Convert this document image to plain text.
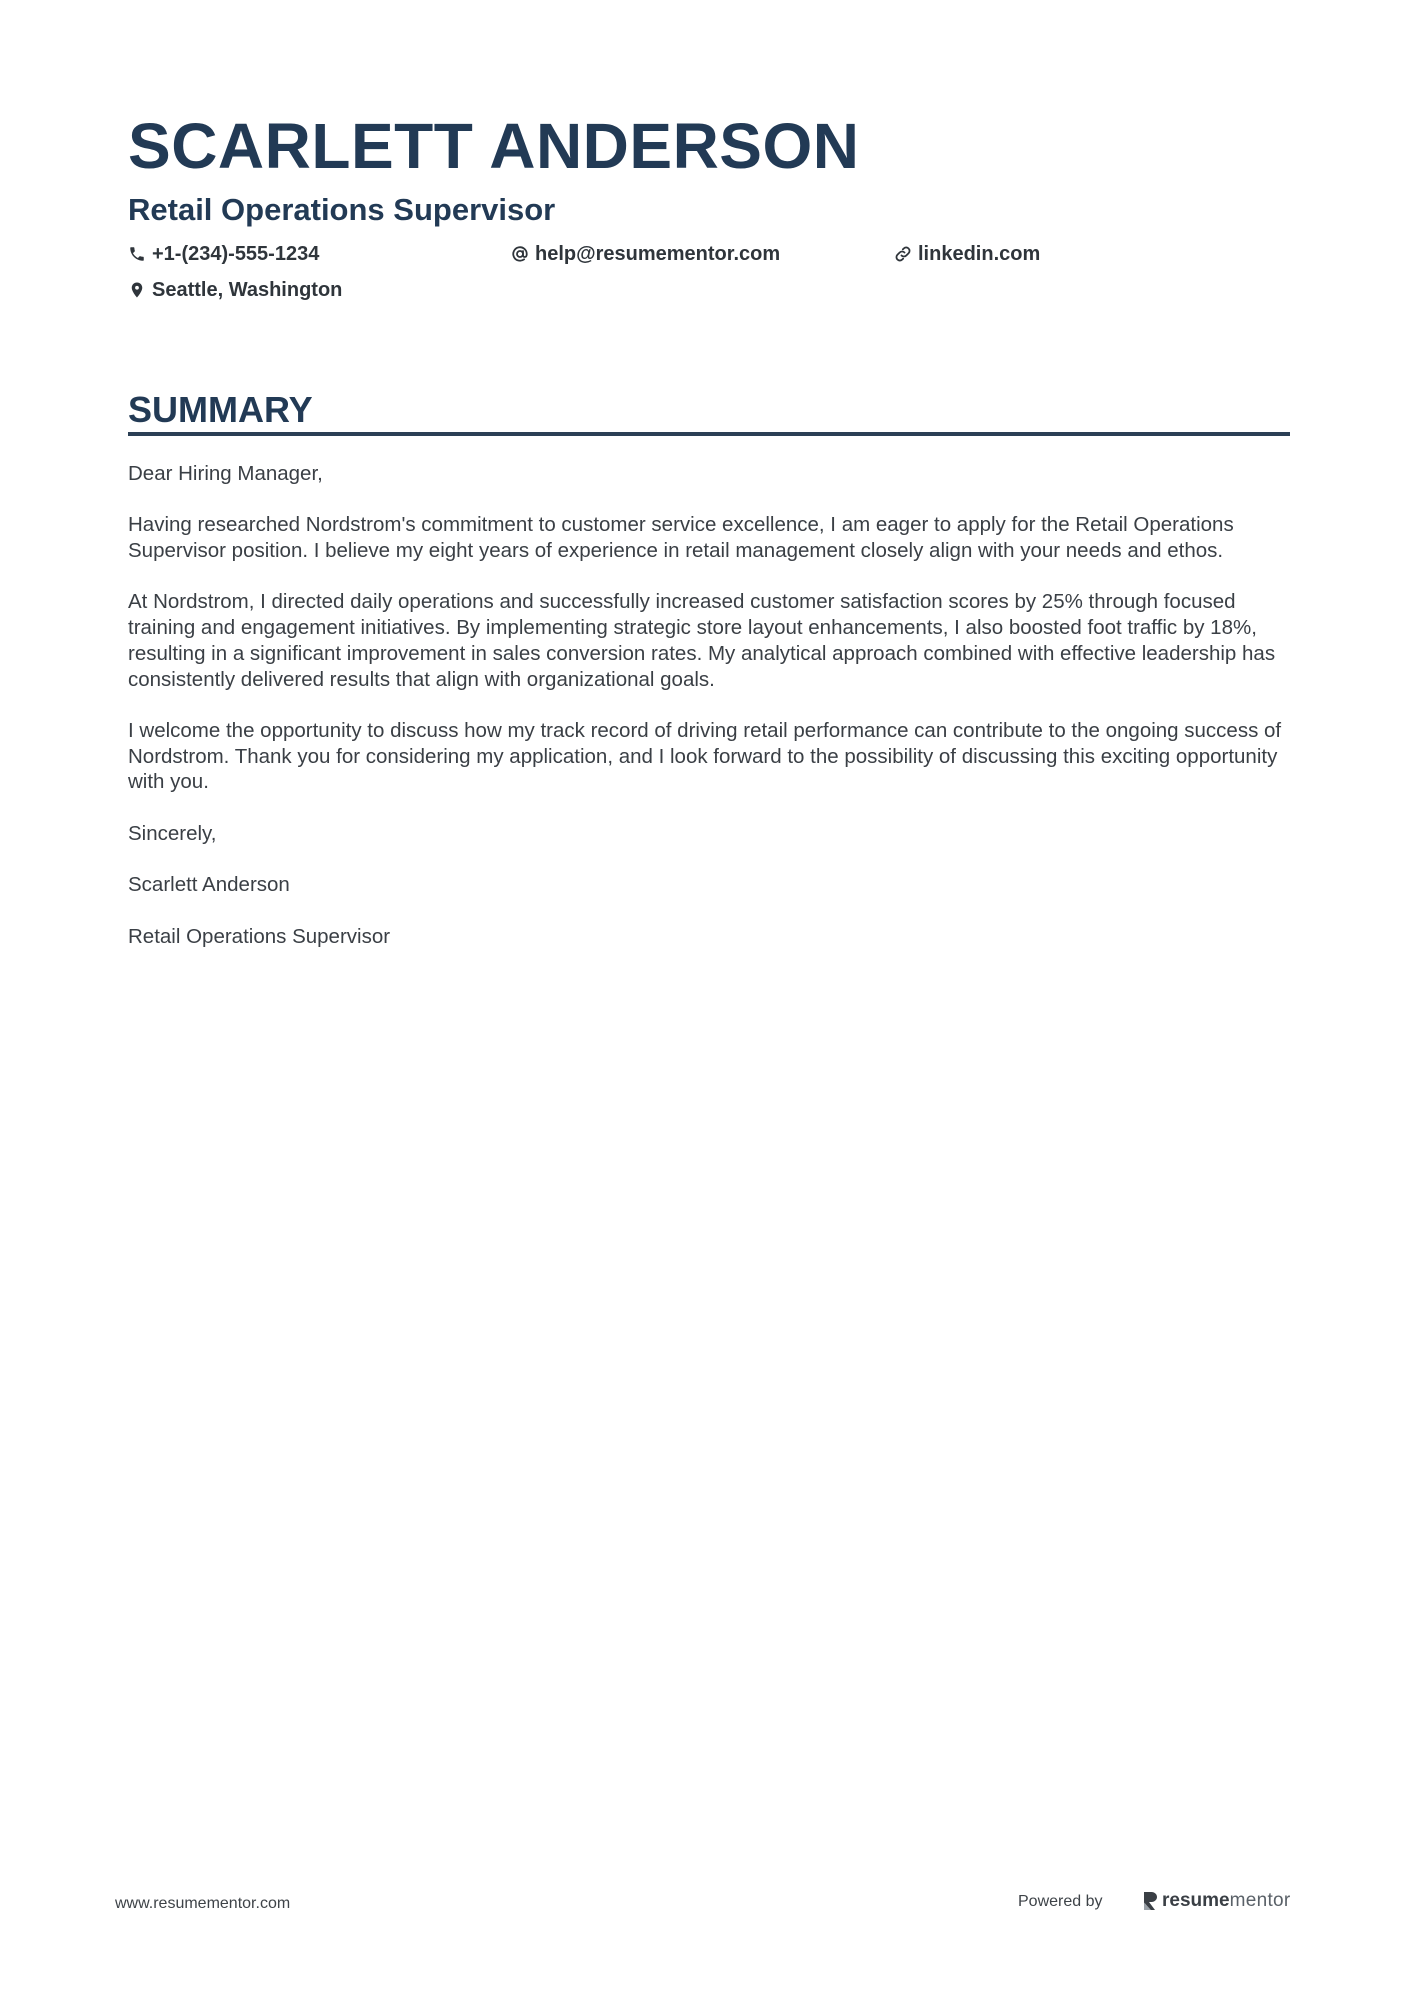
SCARLETT ANDERSON
Retail Operations Supervisor
+1-(234)-555-1234	help@resumementor.com	linkedin.com
Seattle, Washington
SUMMARY

Dear Hiring Manager,

Having researched Nordstrom's commitment to customer service excellence, I am eager to apply for the Retail Operations Supervisor position. I believe my eight years of experience in retail management closely align with your needs and ethos.

At Nordstrom, I directed daily operations and successfully increased customer satisfaction scores by 25% through focused training and engagement initiatives. By implementing strategic store layout enhancements, I also boosted foot traffic by 18%, resulting in a significant improvement in sales conversion rates. My analytical approach combined with effective leadership has consistently delivered results that align with organizational goals.

I welcome the opportunity to discuss how my track record of driving retail performance can contribute to the ongoing success of Nordstrom. Thank you for considering my application, and I look forward to the possibility of discussing this exciting opportunity with you.

Sincerely,

Scarlett Anderson

Retail Operations Supervisor

www.resumementor.com	Powered by	resume mentor
